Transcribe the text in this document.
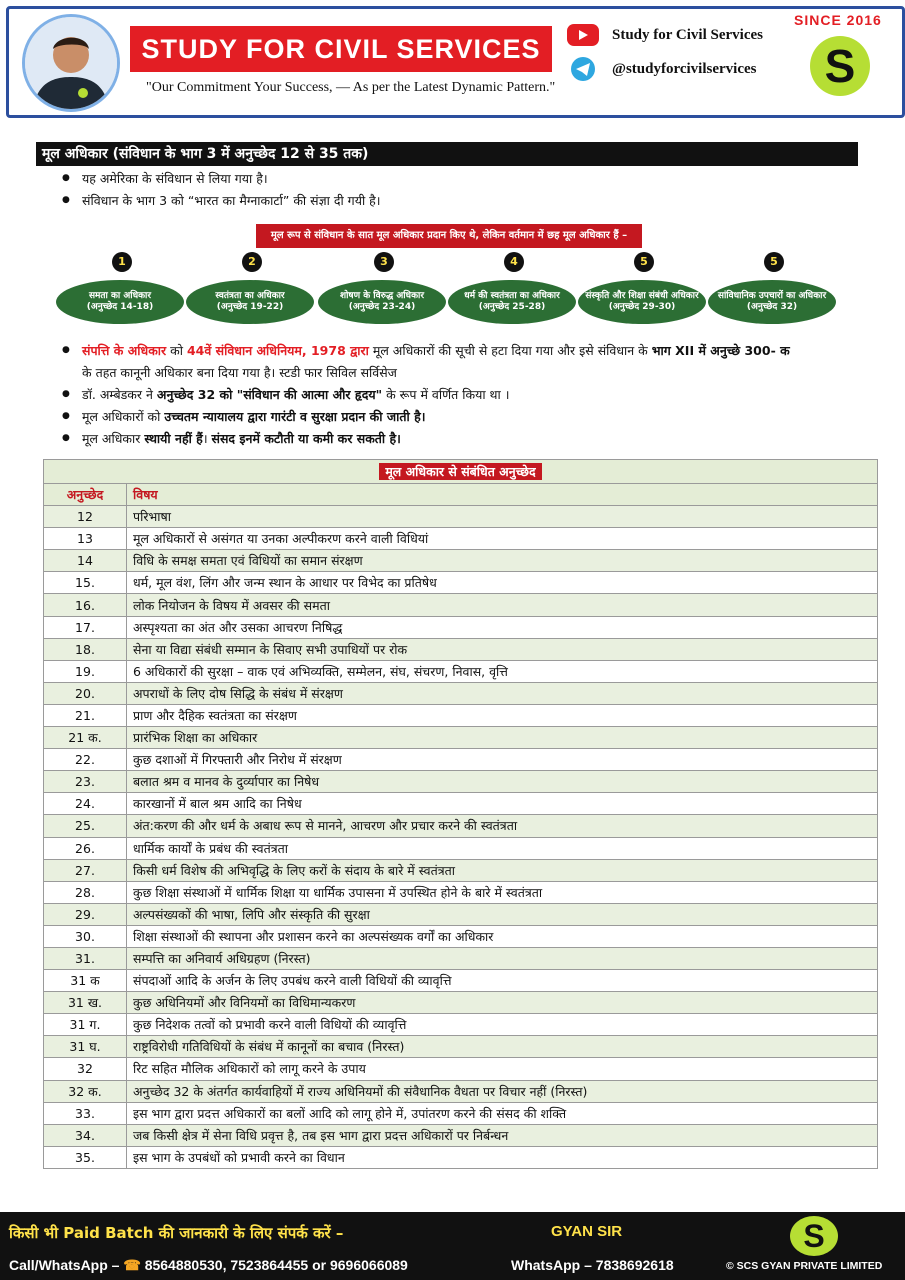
STUDY FOR CIVIL SERVICES
"Our Commitment Your Success, — As per the Latest Dynamic Pattern."
Study for Civil Services
@studyforcivilservices
SINCE 2016
S
मूल अधिकार (संविधान के भाग 3 में अनुच्छेद 12 से 35 तक)
● यह अमेरिका के संविधान से लिया गया है।
● संविधान के भाग 3 को “भारत का मैग्नाकार्टा” की संज्ञा दी गयी है।
मूल रूप से संविधान के सात मूल अधिकार प्रदान किए थे, लेकिन वर्तमान में छह मूल अधिकार हैं –
1
समता का अधिकार
(अनुच्छेद 14-18)
2
स्वतंत्रता का अधिकार
(अनुच्छेद 19-22)
3
शोषण के विरुद्ध अधिकार
(अनुच्छेद 23-24)
4
धर्म की स्वतंत्रता का अधिकार
(अनुच्छेद 25-28)
5
संस्कृति और शिक्षा संबंधी अधिकार
(अनुच्छेद 29-30)
5
सांविधानिक उपचारों का अधिकार
(अनुच्छेद 32)
● संपत्ति के अधिकार को 44वें संविधान अधिनियम, 1978 द्वारा मूल अधिकारों की सूची से हटा दिया गया और इसे संविधान के भाग XII में अनुच्छे 300- क
के तहत कानूनी अधिकार बना दिया गया है। स्टडी फार सिविल सर्विसेज
● डॉ. अम्बेडकर ने अनुच्छेद 32 को "संविधान की आत्मा और हृदय" के रूप में वर्णित किया था ।
● मूल अधिकारों को उच्चतम न्यायालय द्वारा गारंटी व सुरक्षा प्रदान की जाती है।
● मूल अधिकार स्थायी नहीं हैं। संसद इनमें कटौती या कमी कर सकती है।
मूल अधिकार से संबंधित अनुच्छेद	
अनुच्छेद	विषय
12	परिभाषा
13	मूल अधिकारों से असंगत या उनका अल्पीकरण करने वाली विधियां
14	विधि के समक्ष समता एवं विधियों का समान संरक्षण
15.	धर्म, मूल वंश, लिंग और जन्म स्थान के आधार पर विभेद का प्रतिषेध
16.	लोक नियोजन के विषय में अवसर की समता
17.	अस्पृश्यता का अंत और उसका आचरण निषिद्ध
18.	सेना या विद्या संबंधी सम्मान के सिवाए सभी उपाधियों पर रोक
19.	6 अधिकारों की सुरक्षा – वाक एवं अभिव्यक्ति, सम्मेलन, संघ, संचरण, निवास, वृत्ति
20.	अपराधों के लिए दोष सिद्धि के संबंध में संरक्षण
21.	प्राण और दैहिक स्वतंत्रता का संरक्षण
21 क.	प्रारंभिक शिक्षा का अधिकार
22.	कुछ दशाओं में गिरफ्तारी और निरोध में संरक्षण
23.	बलात श्रम व मानव के दुर्व्यापार का निषेध
24.	कारखानों में बाल श्रम आदि का निषेध
25.	अंत:करण की और धर्म के अबाध रूप से मानने, आचरण और प्रचार करने की स्वतंत्रता
26.	धार्मिक कार्यों के प्रबंध की स्वतंत्रता
27.	किसी धर्म विशेष की अभिवृद्धि के लिए करों के संदाय के बारे में स्वतंत्रता
28.	कुछ शिक्षा संस्थाओं में धार्मिक शिक्षा या धार्मिक उपासना में उपस्थित होने के बारे में स्वतंत्रता
29.	अल्पसंख्यकों की भाषा, लिपि और संस्कृति की सुरक्षा
30.	शिक्षा संस्थाओं की स्थापना और प्रशासन करने का अल्पसंख्यक वर्गों का अधिकार
31.	सम्पत्ति का अनिवार्य अधिग्रहण (निरस्त)
31 क	संपदाओं आदि के अर्जन के लिए उपबंध करने वाली विधियों की व्यावृत्ति
31 ख.	कुछ अधिनियमों और विनियमों का विधिमान्यकरण
31 ग.	कुछ निदेशक तत्वों को प्रभावी करने वाली विधियों की व्यावृत्ति
31 घ.	राष्ट्रविरोधी गतिविधियों के संबंध में कानूनों का बचाव (निरस्त)
32	रिट सहित मौलिक अधिकारों को लागू करने के उपाय
32 क.	अनुच्छेद 32 के अंतर्गत कार्यवाहियों में राज्य अधिनियमों की संवैधानिक वैधता पर विचार नहीं (निरस्त)
33.	इस भाग द्वारा प्रदत्त अधिकारों का बलों आदि को लागू होने में, उपांतरण करने की संसद की शक्ति
34.	जब किसी क्षेत्र में सेना विधि प्रवृत्त है, तब इस भाग द्वारा प्रदत्त अधिकारों पर निर्बन्धन
35.	इस भाग के उपबंधों को प्रभावी करने का विधान
किसी भी Paid Batch की जानकारी के लिए संपर्क करें –	GYAN SIR	S
Call/WhatsApp – ☎ 8564880530, 7523864455 or 9696066089	WhatsApp – 7838692618	© SCS GYAN PRIVATE LIMITED
